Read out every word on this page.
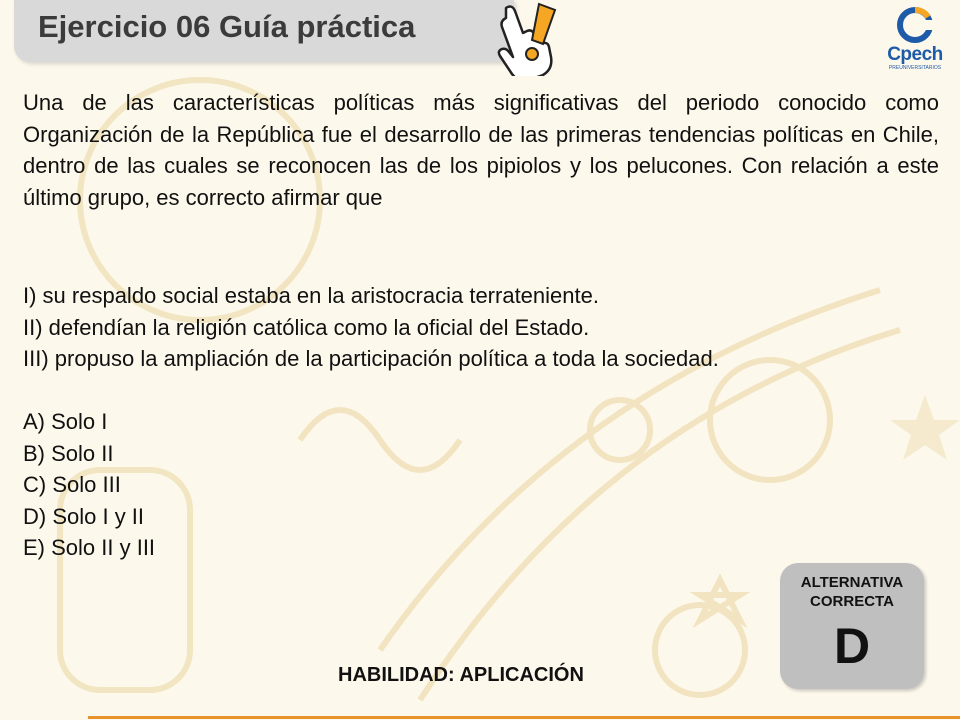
Ejercicio 06 Guía práctica
Cpech
PREUNIVERSITARIOS

Una de las características políticas más significativas del periodo conocido como Organización de la República fue el desarrollo de las primeras tendencias políticas en Chile, dentro de las cuales se reconocen las de los pipiolos y los pelucones. Con relación a este último grupo, es correcto afirmar que

I) su respaldo social estaba en la aristocracia terrateniente.
II) defendían la religión católica como la oficial del Estado.
III) propuso la ampliación de la participación política a toda la sociedad.
A) Solo I
B) Solo II
C) Solo III
D) Solo I y II
E) Solo II y III
ALTERNATIVA
CORRECTA
D
HABILIDAD: APLICACIÓN
